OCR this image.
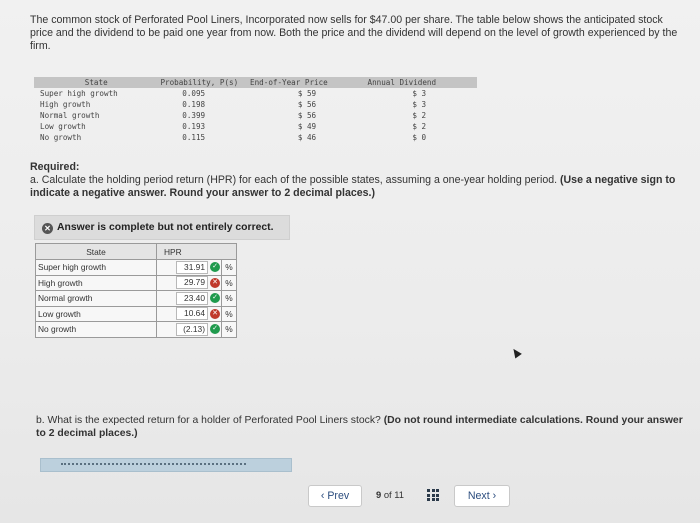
The common stock of Perforated Pool Liners, Incorporated now sells for $47.00 per share. The table below shows the anticipated stock price and the dividend to be paid one year from now. Both the price and the dividend will depend on the level of growth experienced by the firm.
State	Probability, P(s)	End-of-Year Price	Annual Dividend
Super high growth	0.095	$ 59	$ 3
High growth	0.198	$ 56	$ 3
Normal growth	0.399	$ 56	$ 2
Low growth	0.193	$ 49	$ 2
No growth	0.115	$ 46	$ 0
Required:
a. Calculate the holding period return (HPR) for each of the possible states, assuming a one-year holding period. (Use a negative sign to indicate a negative answer. Round your answer to 2 decimal places.)
✕ Answer is complete but not entirely correct.
State	HPR	
Super high growth	31.91 ✓	%
High growth	29.79 ✕	%
Normal growth	23.40 ✓	%
Low growth	10.64 ✕	%
No growth	(2.13) ✓	%
b. What is the expected return for a holder of Perforated Pool Liners stock? (Do not round intermediate calculations. Round your answer to 2 decimal places.)
‹ Prev	9 of 11	Next ›
